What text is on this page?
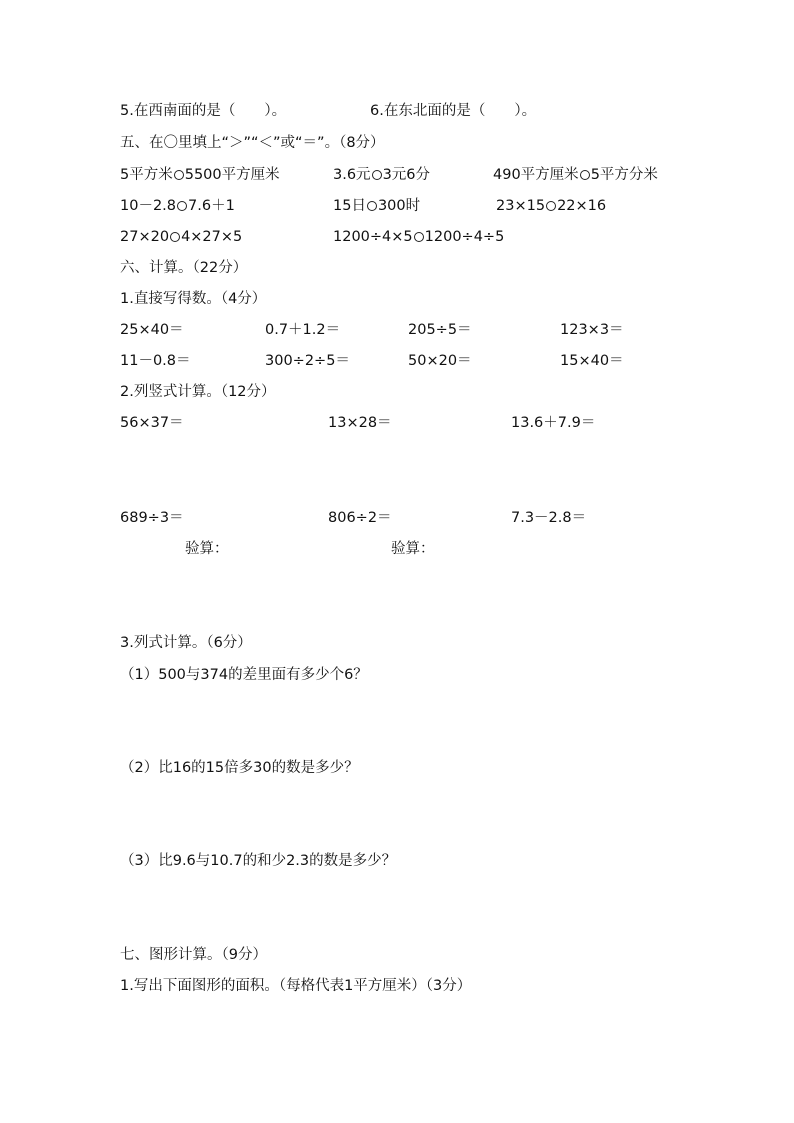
5.在西南面的是（　　）。	6.在东北面的是（　　）。
五、在〇里填上“＞”“＜”或“＝”。（8分）
5平方米 5500平方厘米	3.6元 3元6分	490平方厘米 5平方分米
10－2.8 7.6＋1	15日 300时	23×15 22×16
27×20 4×27×5	1200÷4×5 1200÷4÷5
六、计算。（22分）
1.直接写得数。（4分）
25×40＝	0.7＋1.2＝	205÷5＝	123×3＝
11－0.8＝	300÷2÷5＝	50×20＝	15×40＝
2.列竖式计算。（12分）
56×37＝	13×28＝	13.6＋7.9＝
689÷3＝	806÷2＝	7.3－2.8＝
验算：	验算：
3.列式计算。（6分）
（1）500与374的差里面有多少个6？
（2）比16的15倍多30的数是多少？
（3）比9.6与10.7的和少2.3的数是多少？
七、图形计算。（9分）
1.写出下面图形的面积。（每格代表1平方厘米）（3分）
